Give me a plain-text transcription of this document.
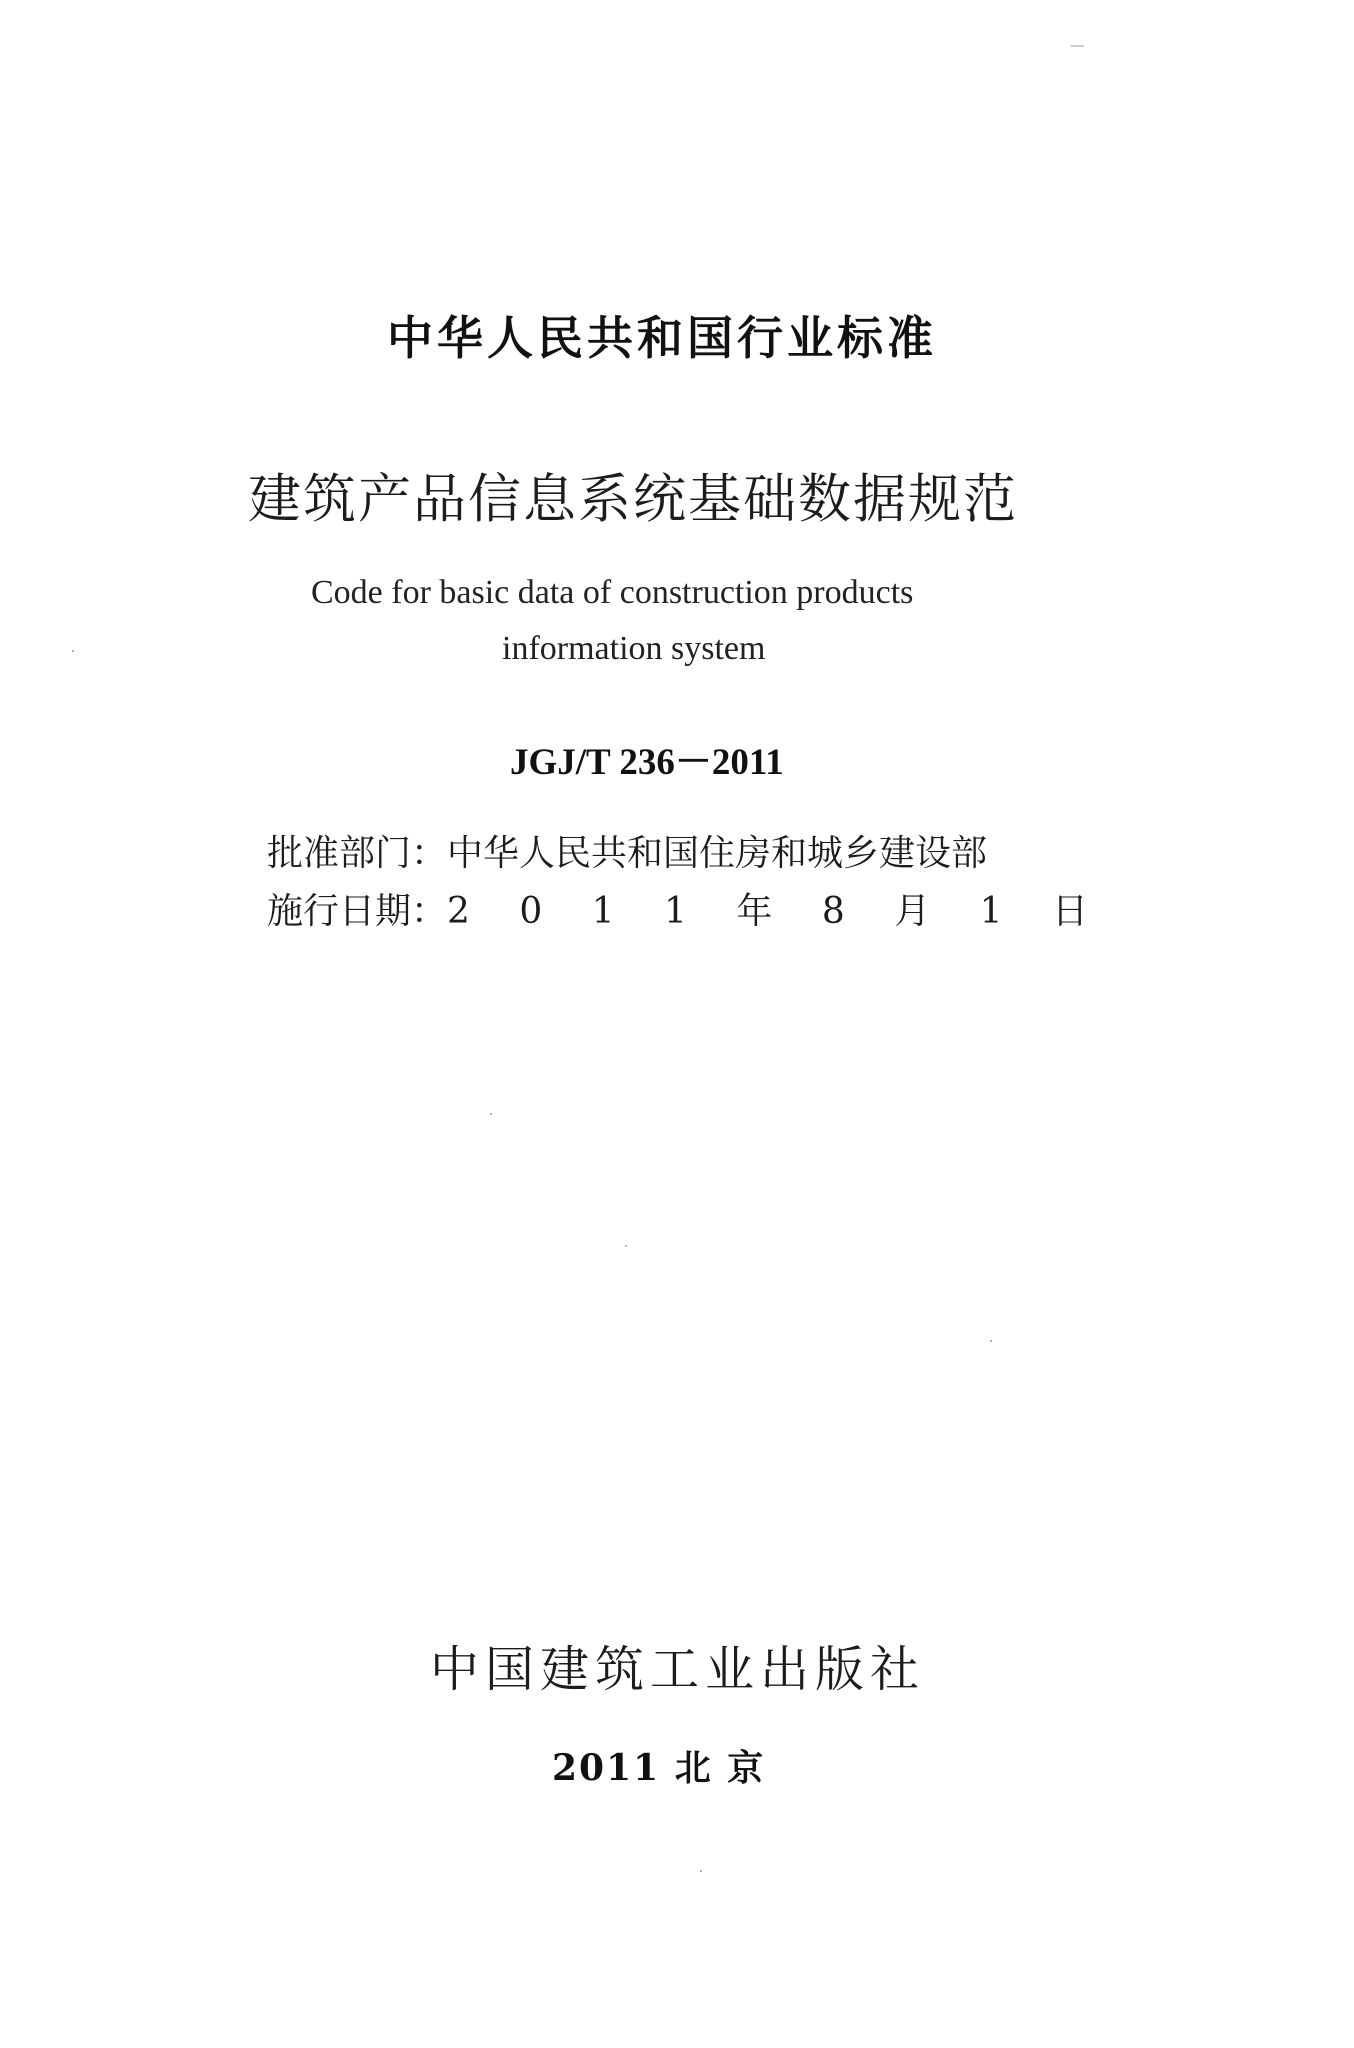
中华人民共和国行业标准
建筑产品信息系统基础数据规范
Code for basic data of construction products
information system
JGJ/T 236－2011
批准部门：中华人民共和国住房和城乡建设部
施行日期：2 0 1 1 年 8 月 1 日
中国建筑工业出版社
2011 北 京
